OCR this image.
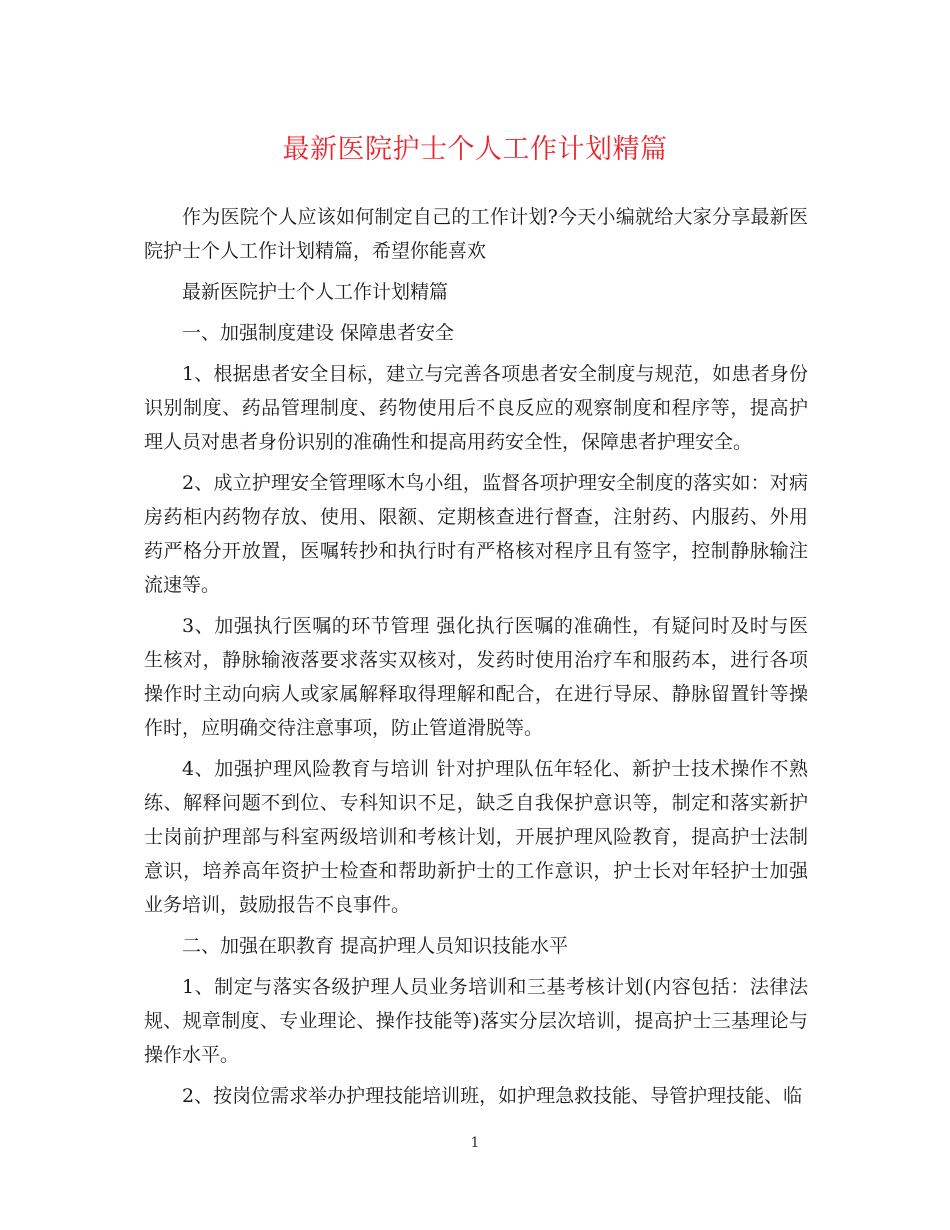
最新医院护士个人工作计划精篇

作为医院个人应该如何制定自己的工作计划?今天小编就给大家分享最新医院护士个人工作计划精篇，希望你能喜欢

最新医院护士个人工作计划精篇

一、加强制度建设 保障患者安全

1、根据患者安全目标，建立与完善各项患者安全制度与规范，如患者身份识别制度、药品管理制度、药物使用后不良反应的观察制度和程序等，提高护理人员对患者身份识别的准确性和提高用药安全性，保障患者护理安全。

2、成立护理安全管理啄木鸟小组，监督各项护理安全制度的落实如：对病房药柜内药物存放、使用、限额、定期核查进行督查，注射药、内服药、外用药严格分开放置，医嘱转抄和执行时有严格核对程序且有签字，控制静脉输注流速等。

3、加强执行医嘱的环节管理 强化执行医嘱的准确性，有疑问时及时与医生核对，静脉输液落要求落实双核对，发药时使用治疗车和服药本，进行各项操作时主动向病人或家属解释取得理解和配合，在进行导尿、静脉留置针等操作时，应明确交待注意事项，防止管道滑脱等。

4、加强护理风险教育与培训 针对护理队伍年轻化、新护士技术操作不熟练、解释问题不到位、专科知识不足，缺乏自我保护意识等，制定和落实新护士岗前护理部与科室两级培训和考核计划，开展护理风险教育，提高护士法制意识，培养高年资护士检查和帮助新护士的工作意识，护士长对年轻护士加强业务培训，鼓励报告不良事件。

二、加强在职教育 提高护理人员知识技能水平

1、制定与落实各级护理人员业务培训和三基考核计划(内容包括：法律法规、规章制度、专业理论、操作技能等)落实分层次培训，提高护士三基理论与操作水平。

2、按岗位需求举办护理技能培训班，如护理急救技能、导管护理技能、临

1
